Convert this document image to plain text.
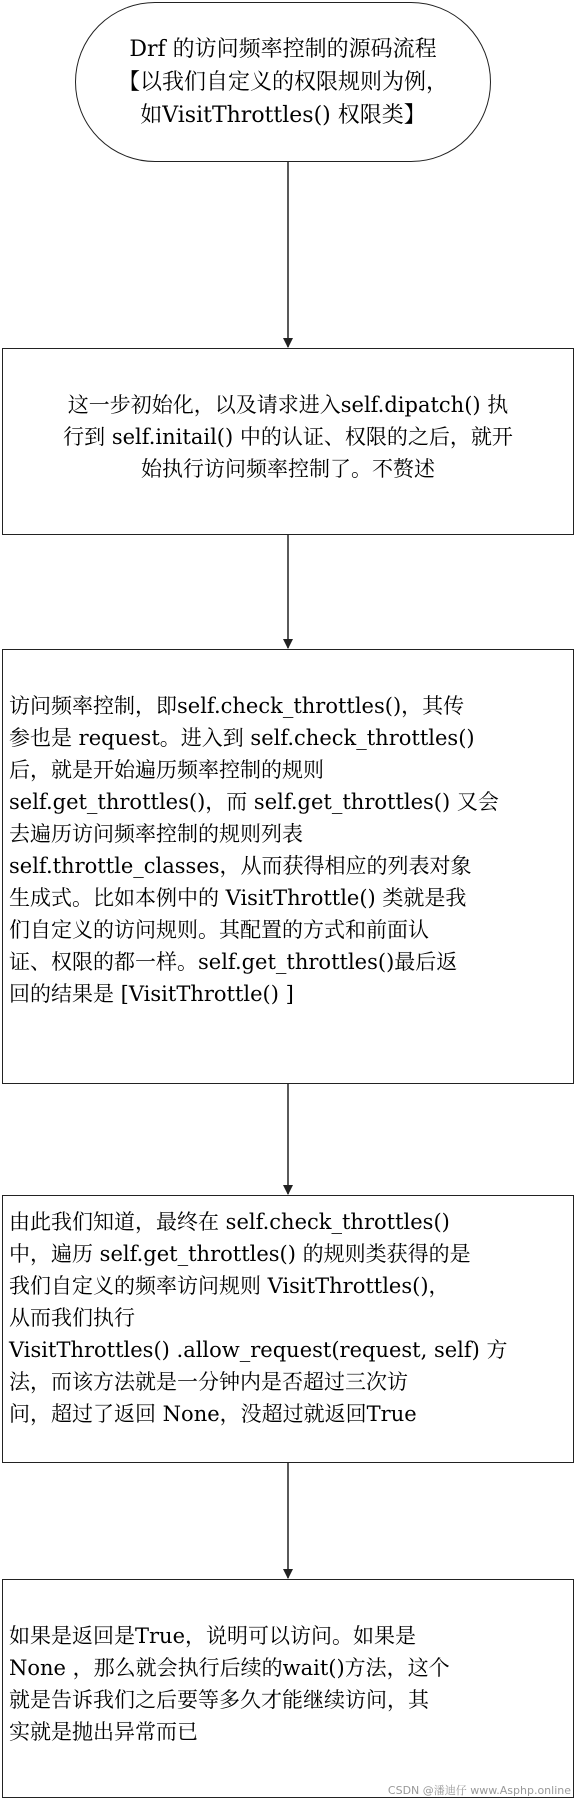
Drf 的访问频率控制的源码流程
【以我们自定义的权限规则为例，
如VisitThrottles() 权限类】
这一步初始化，以及请求进入self.dipatch() 执
行到 self.initail() 中的认证、权限的之后，就开
始执行访问频率控制了。不赘述
访问频率控制，即self.check_throttles()，其传
参也是 request。进入到 self.check_throttles()
后，就是开始遍历频率控制的规则
self.get_throttles()，而 self.get_throttles() 又会
去遍历访问频率控制的规则列表
self.throttle_classes，从而获得相应的列表对象
生成式。比如本例中的 VisitThrottle() 类就是我
们自定义的访问规则。其配置的方式和前面认
证、权限的都一样。self.get_throttles()最后返
回的结果是 [VisitThrottle() ]
由此我们知道，最终在 self.check_throttles()
中，遍历 self.get_throttles() 的规则类获得的是
我们自定义的频率访问规则 VisitThrottles()，
从而我们执行
VisitThrottles() .allow_request(request, self) 方
法，而该方法就是一分钟内是否超过三次访
问，超过了返回 None，没超过就返回True
如果是返回是True，说明可以访问。如果是
None ，那么就会执行后续的wait()方法，这个
就是告诉我们之后要等多久才能继续访问，其
实就是抛出异常而已
CSDN @潘迪仔 www.Asphp.online
